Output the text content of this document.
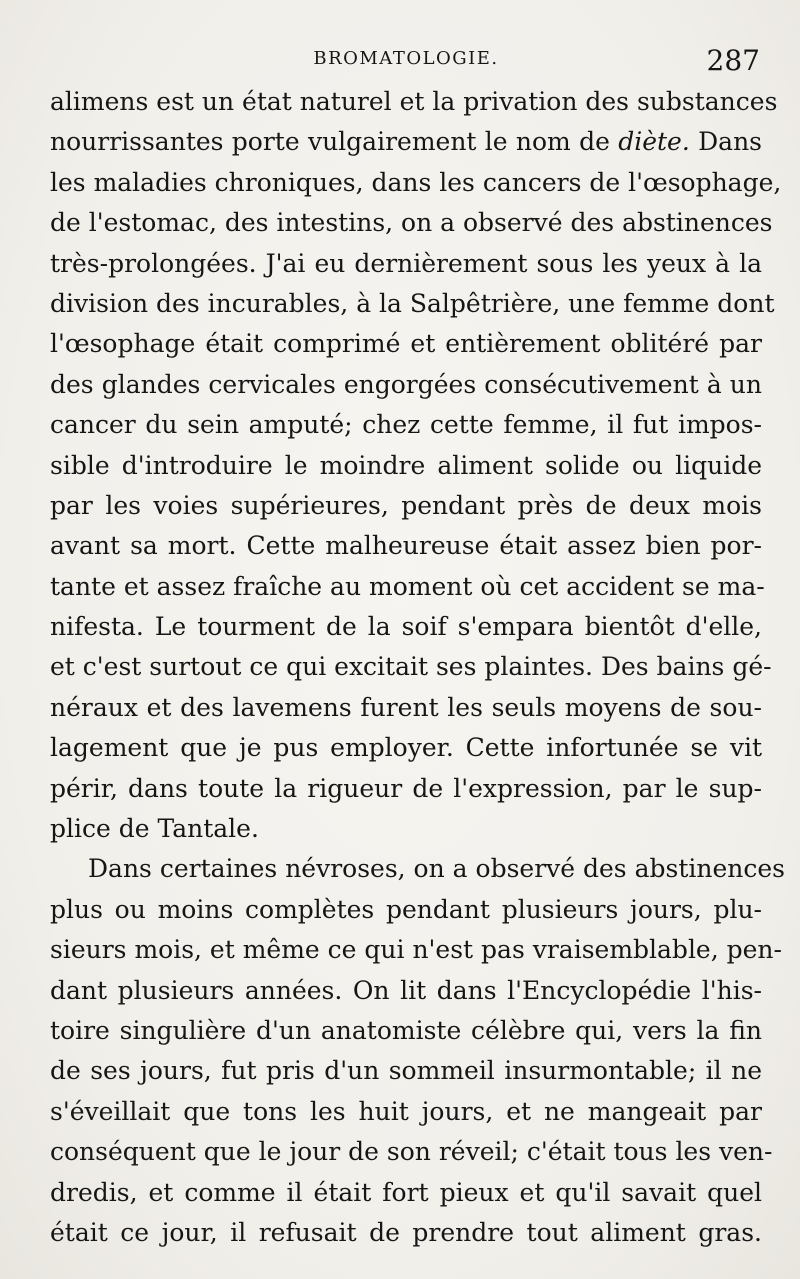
BROMATOLOGIE.	287
alimens est un état naturel et la privation des substances
nourrissantes porte vulgairement le nom de diète. Dans
les maladies chroniques, dans les cancers de l'œsophage,
de l'estomac, des intestins, on a observé des abstinences
très-prolongées. J'ai eu dernièrement sous les yeux à la
division des incurables, à la Salpêtrière, une femme dont
l'œsophage était comprimé et entièrement oblitéré par
des glandes cervicales engorgées consécutivement à un
cancer du sein amputé; chez cette femme, il fut impos-
sible d'introduire le moindre aliment solide ou liquide
par les voies supérieures, pendant près de deux mois
avant sa mort. Cette malheureuse était assez bien por-
tante et assez fraîche au moment où cet accident se ma-
nifesta. Le tourment de la soif s'empara bientôt d'elle,
et c'est surtout ce qui excitait ses plaintes. Des bains gé-
néraux et des lavemens furent les seuls moyens de sou-
lagement que je pus employer. Cette infortunée se vit
périr, dans toute la rigueur de l'expression, par le sup-
plice de Tantale.
Dans certaines névroses, on a observé des abstinences
plus ou moins complètes pendant plusieurs jours, plu-
sieurs mois, et même ce qui n'est pas vraisemblable, pen-
dant plusieurs années. On lit dans l'Encyclopédie l'his-
toire singulière d'un anatomiste célèbre qui, vers la fin
de ses jours, fut pris d'un sommeil insurmontable; il ne
s'éveillait que tons les huit jours, et ne mangeait par
conséquent que le jour de son réveil; c'était tous les ven-
dredis, et comme il était fort pieux et qu'il savait quel
était ce jour, il refusait de prendre tout aliment gras.
